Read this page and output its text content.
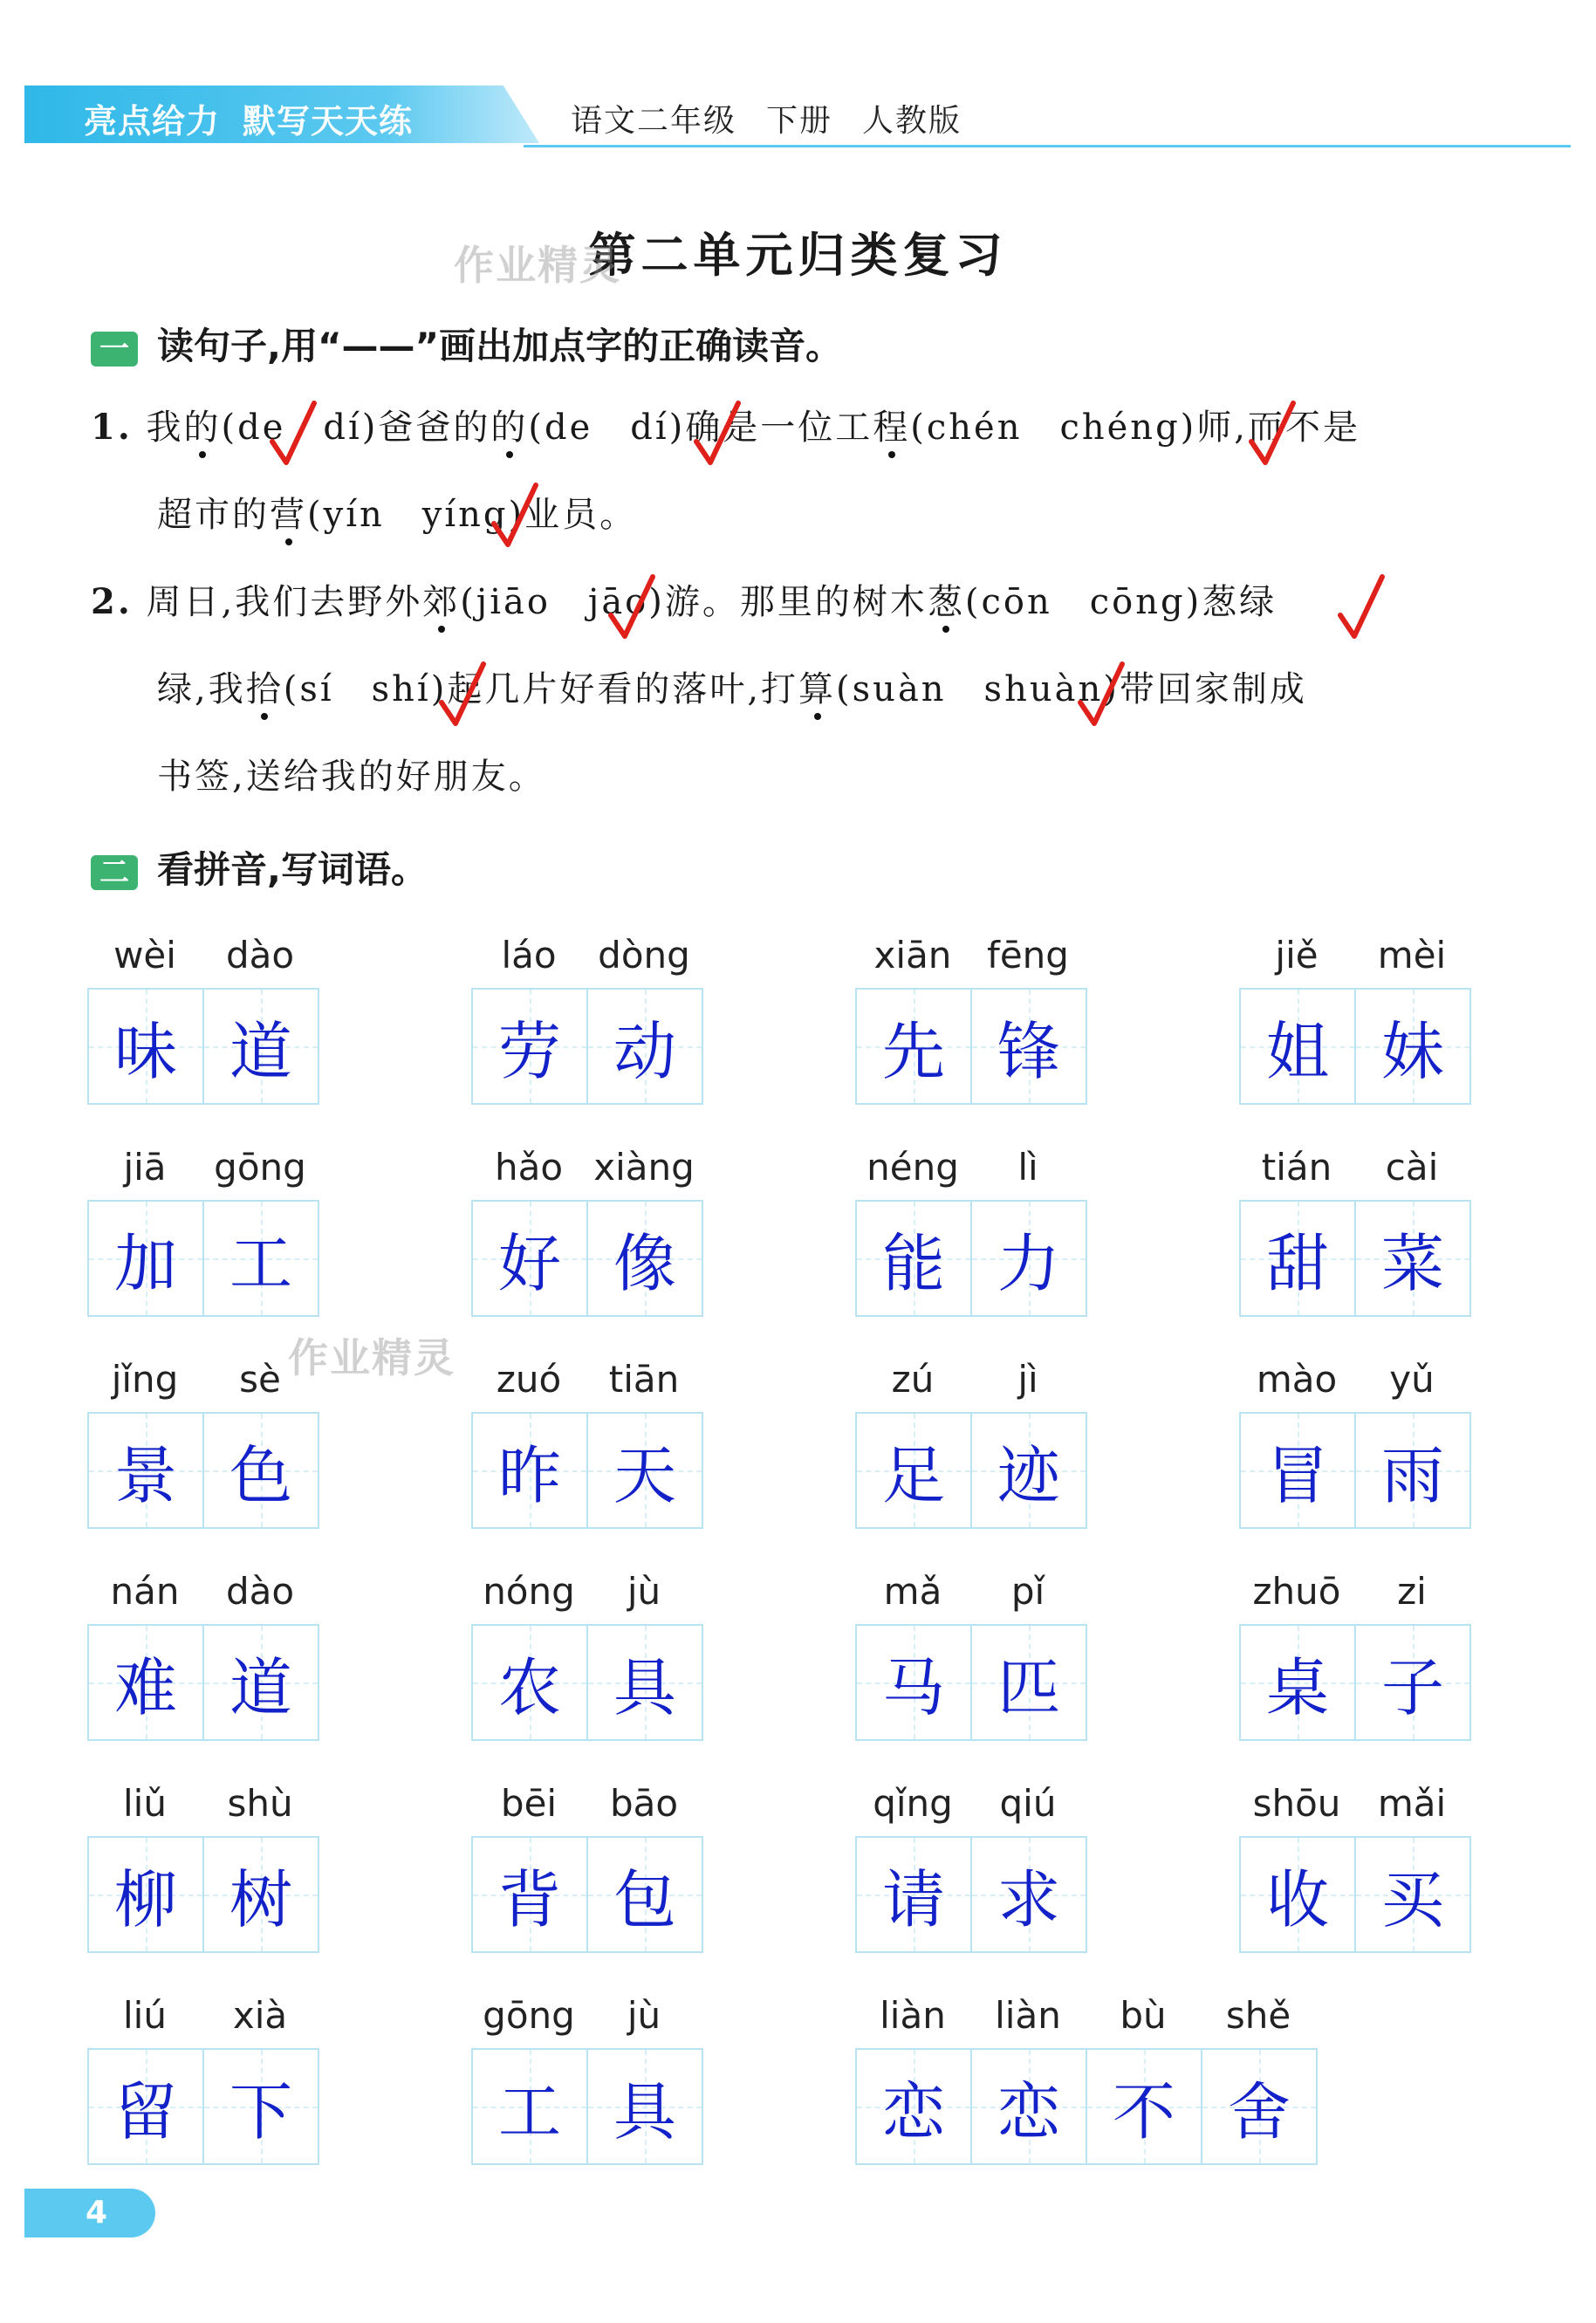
亮点给力 默写天天练	语文二年级 下册 人教版
第二单元归类复习
作业精灵
作业精灵
一 读句子,用“——”画出加点字的正确读音。
1. 我的(de　dí)爸爸的的(de　dí)确是一位工程(chén　chéng)师,而不是
超市的营(yín　yíng)业员。
2. 周日,我们去野外郊(jiāo　jāo)游。那里的树木葱(cōn　cōng)葱绿
绿,我拾(sí　shí)起几片好看的落叶,打算(suàn　shuàn)带回家制成
书签,送给我的好朋友。
二 看拼音,写词语。
wèi	dào
味 道
láo	dòng
劳 动
xiān fēng
先 锋
jiě	mèi
姐 妹
jiā	gōng
加 工
hǎo xiàng
好 像
néng	lì
能 力
tián	cài
甜 菜
jǐng	sè
景 色
zuó	tiān
昨 天
zú	jì
足 迹
mào	yǔ
冒 雨
nán	dào
难 道
nóng	jù
农 具
mǎ	pǐ
马 匹
zhuō	zi
桌 子
liǔ	shù
柳 树
bēi	bāo
背 包
qǐng	qiú
请 求
shōu	mǎi
收 买
liú	xià
留 下
gōng	jù
工 具
liàn	liàn	bù	shě
恋 恋 不 舍
4
